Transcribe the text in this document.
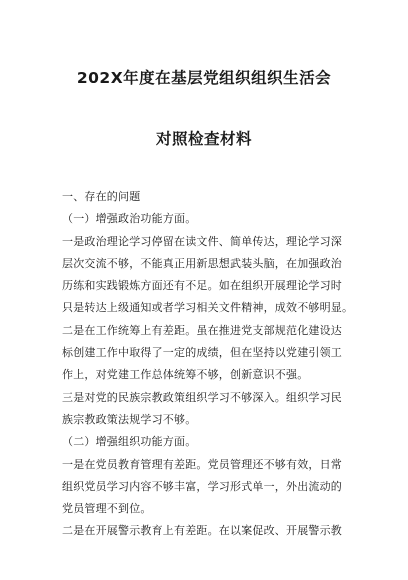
202X年度在基层党组织组织生活会
对照检查材料
一、存在的问题
（一）增强政治功能方面。
一是政治理论学习停留在读文件、简单传达，理论学习深
层次交流不够，不能真正用新思想武装头脑，在加强政治
历练和实践锻炼方面还有不足。如在组织开展理论学习时
只是转达上级通知或者学习相关文件精神，成效不够明显。
二是在工作统筹上有差距。虽在推进党支部规范化建设达
标创建工作中取得了一定的成绩，但在坚持以党建引领工
作上，对党建工作总体统筹不够，创新意识不强。
三是对党的民族宗教政策组织学习不够深入。组织学习民
族宗教政策法规学习不够。
（二）增强组织功能方面。
一是在党员教育管理有差距。党员管理还不够有效，日常
组织党员学习内容不够丰富，学习形式单一，外出流动的
党员管理不到位。
二是在开展警示教育上有差距。在以案促改、开展警示教
